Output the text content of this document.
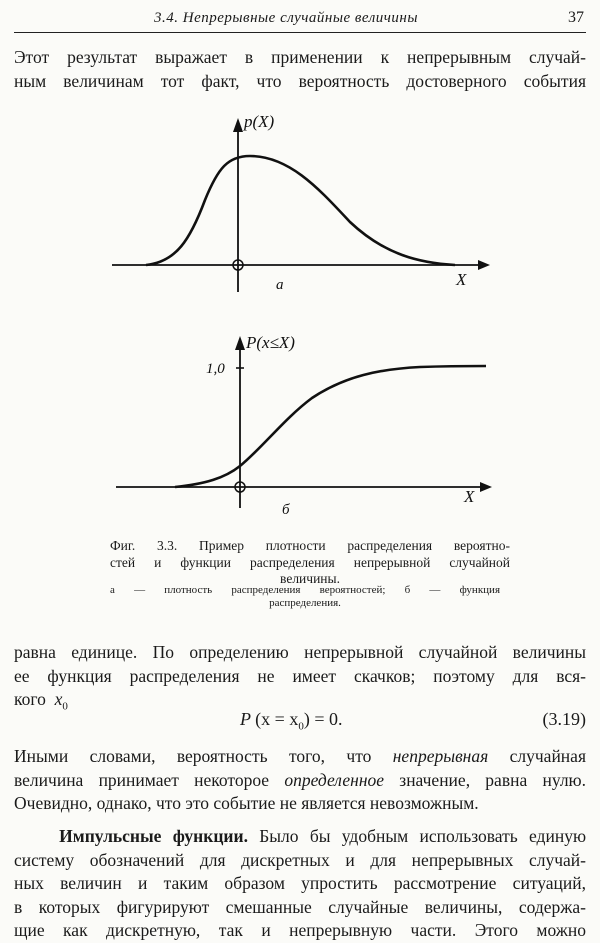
3.4. Непрерывные случайные величины	37
Этот результат выражает в применении к непрерывным случай-
ным величинам тот факт, что вероятность достоверного события
p(X)
X
а
P(x≤X)
1,0
X
б
Фиг. 3.3. Пример плотности распределения вероятно-
стей и функции распределения непрерывной случайной
величины.
а — плотность распределения вероятностей; б — функция
распределения.
равна единице. По определению непрерывной случайной величины
ее функция распределения не имеет скачков; поэтому для вся-
кого $x_0$
P $(x = x_0) = 0$.	(3.19)
Иными словами, вероятность того, что непрерывная случайная
величина принимает некоторое определенное значение, равна нулю.
Очевидно, однако, что это событие не является невозможным.
Импульсные функции. Было бы удобным использовать единую
систему обозначений для дискретных и для непрерывных случай-
ных величин и таким образом упростить рассмотрение ситуаций,
в которых фигурируют смешанные случайные величины, содержа-
щие как дискретную, так и непрерывную части. Этого можно
